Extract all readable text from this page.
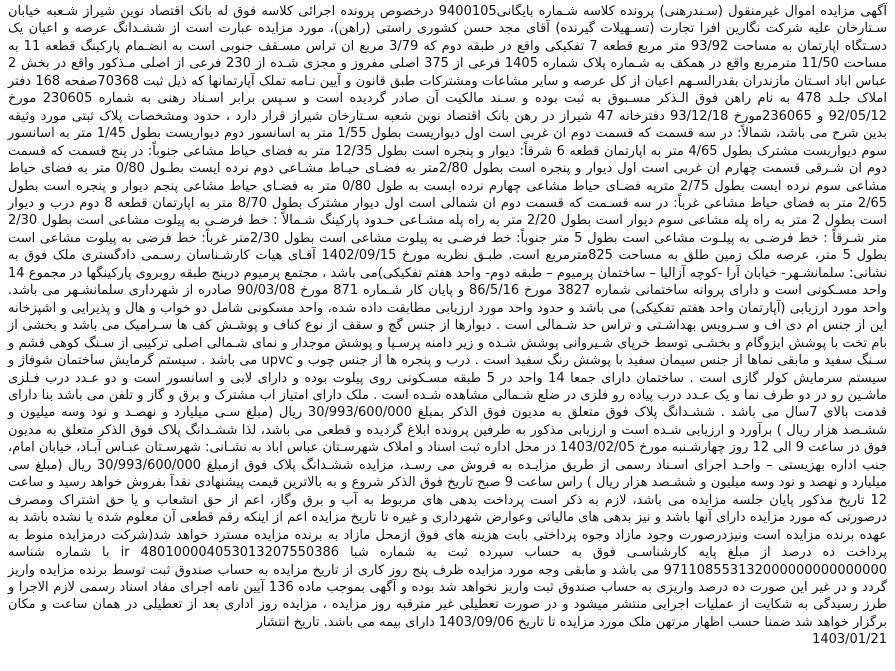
آگهی مزایده اموال غیرمنقول (سـندرهنی) پرونده کلاسه شـماره بایگانی9400105 درخصوص پرونده اجرائی کلاسه فوق له بانک اقتصاد نوین شیراز شـعبه خیابان سـتارخان علیه شرکت نگارین افرا تجارت (تسـهیلات گیرنده) آقای مجد حسن کشوری راستی (راهن)، مورد مزایده عبارت است از ششـدانگ عرصه و اعیان یک دسـتگاه اپارتمان به مساحت 93/92 متر مربع قطعه 7 تفکیکی واقع در طبقه دوم که 3/79 مربع ان تراس مسـقف جنوبی است به انضـمام پارکینگ قطعه 11 به مساحت 11/50 مترمربع واقع در همکف به شـماره پلاک شماره 1405 فرعی از 375 اصلی مفروز و مجزی شـده از 230 فرعی از اصلی مـذکور واقع در بخش 2 عباس اباد اسـتان مازندران بقدرالسـهم اعیان از کل عرصه و سایر مشاعات ومشترکات طبق قانون و آیین نـامه تملک آپارتمانها که ذیل ثبت 70368صفحه 168 دفتر املاک جلـد 478 به نام راهن فوق الـذکر مسـبوق به ثبت بوده و سـند مالکیت آن صادر گردیده است و سـپس برابر اسـناد رهنی به شماره 230605 مورخ 92/05/12 و 236065مورخ 93/12/18 دفترخانه 47 شیراز در رهن بانک اقتصاد نوین شعبه سـتارخان شیراز قرار دارد ، حدود ومشخصات پلاک ثبتی مورد وثیقه بدین شرح می باشد، شمالاً: در سه قسمت که قسمت دوم ان غربی است اول دیواریست بطول 1/55 متر به اسانسور دوم دیواریست بطول 1/45 متر به اسانسور سوم دیواریست مشترک بطول 4/65 متر به اپارتمان قطعه 6 شرقاً: دیوار و پنجره است بطول 12/35 متر به فضای حیاط مشاعی جنوباً: در پنج قسمت که قسمت دوم ان شـرقی قسمت چهارم ان غربی است اول دیوار و پنجره است بطول 2/80متر به فضـای حیـاط مشـاعی دوم نرده ایست بطـول 0/80 متر به فضای حیاط مشاعی سوم نرده ایست بطول 2/75 مترپه فضـای حیاط مشاعی چهارم نرده ایست به طول 0/80 متر به فضـای حیاط مشاعی پنجم دیوار و پنجره است بطول 2/65 متر به فضای حیاط مشاعی غرباً: در سه قسـمت که قسمت دوم ان شمالی است اول دیوار مشترک بطول 8/70 متر به اپارتمان قطعه 8 دوم درب و دیوار است بطول 2 متر به راه پله مشاعی سوم دیوار است بطول 2/20 متر به راه پله مشـاعی حـدود پارکینگ شـمالاً : خط فرضـی به پیلوت مشاعی است بطول 2/30 متر شـرقاً : خط فرضـی به پیلـوت مشاعی است بطول 5 متر جنوباً: خط فرضـی به پیلوت مشاعی است بطول 2/30متر غرباً: خط فرضی به پیلوت مشاعی است بطول 5 متر، عرصه ملک زمین طلق به مساحت 825مترمربع است. طبـق نظریه مورخ 1402/09/15 آقـای هیات کارشـناسان رسـمی دادگستری ملک فوق به نشانی: سلمانشـهر- خیابان آرا -کوچه آزالیا – ساختمان پرمیوم – طبقه دوم- واحد هفتم تفکیکی)می باشد ، مجتمع پرمیوم درپنج طبقه روبروی پارکینگها در مجموع 14 واحد مسـکونی است و دارای پروانه ساختمانی شماره 3827 مورخ 86/5/16 و پایان کار شـماره 871 مورخ 90/03/08 صادره از شهرداری سلمانشـهر می باشد. واحد مورد ارزیابی (آپارتمان واحد هفتم تفکیکی) می باشد و حدود واحد مورد ارزیابی مطابقت داده شده، واحد مسکونی شامل دو خواب و هال و پذیرایی و اشپزخانه این از جنس ام دی اف و سـرویس بهداشـتی و تراس حد شـمالی است . دیوارها از جنس گچ و سقف از نوع کناف و پوشـش کف ها سـرامیک می باشد و بخشی از بام تخت با پوشش ایزوگام و بخشـی توسط خرپای شـیروانی پوشش شـده و زیر دامنه پرسـپا و پوشش موجدار و نمای شـمالی اصلی ترکیبی از سـنگ کوهی قشم و سـنگ سفید و مابقی نماها از جنس سیمان سفید با پوشش رنگ سفید است . درب و پنجره ها از جنس چوب و upvc می باشد . سیستم گرمایش ساختمان شوفاژ و سیستم سرمایش کولر گازی است . ساختمان دارای جمعا 14 واحد در 5 طبقه مسـکونی روی پیلوت بوده و دارای لابی و اسانسور است و دو عـدد درب فـلزی ماشـین رو در دو طرف نما و یک عـدد درب پیاده رو فلزی در ضلع شـمالی مشاهده شـده است . ملک دارای امتیاز اب مشترک و برق و گاز و تلفن می باشد بنا دارای قدمت بالای 7سال می باشد . ششـدانگ پلاک فوق متعلق به مدیون فوق الذکر بمبلغ 30/993/600/000 ریال (مبلغ سـی میلیارد و نهصـد و نود وسه میلیون و ششـصد هزار ریال ) برآورد و ارزیابی شـده است و ارزیابی مذکور به طرفین پرونده ابلاغ گردیده و قطعی می باشد، لذا ششـدانگ پلاک فوق الذکر متعلق به مدیون فوق در ساعت 9 الی 12 روز چهارشـنبه مورخ 1403/02/05 در محل اداره ثبت اسناد و املاک شهرسـتان عباس اباد به نشـانی: شهرسـتان عبـاس آبـاد، خیابان امام، جنب اداره بهزیستی – واحـد اجرای اسـناد رسمی از طریق مزایـده به فروش می رسـد، مزایده ششـدانگ پلاک فوق ازمبلغ 30/993/600/000 ریال (مبلغ سی میلیارد و نهصد و نود وسه میلیون و ششـصد هزار ریال ) راس ساعت 9 صبح تاریخ فوق الذکر شروع و به بالاترین قیمت پیشنهادی نقدآ بفروش خواهد رسید و ساعت 12 تاریخ مذکور پایان جلسه مزایده می باشد، لازم به ذکر است پرداخت بدهی های مربوط به آب و برق وگاز، اعم از حق انشعاب و یا حق اشتراک ومصرف درصورتی که مورد مزایده دارای آنها باشد و نیز بدهی های مالیاتی وعوارض شهرداری و غیره تا تاریخ مزایده اعم از اینکه رقم قطعی آن معلوم شده یا نشده باشد به عهده برنده مزایده است ونیزدرصورت وجود مازاد وجوه پرداختی بابت هزینه های فوق ازمحل مازاد به برنده مزایده مسترد خواهد شد(شرکت درمزایده منوط به پرداخت ده درصد از مبلغ پایه کارشناسـی فوق به حساب سپرده ثبت به شماره شبا 480100004053013207550386 ir با شماره شناسه 971108553132000000000000000 می باشد و مابقی وجه مورد مزایده ظرف پنج روز کاری از تاریخ مزایده به حساب صندوق ثبت توسط برنده مزایده واریز گردد و در غیر این صورت ده درصد واریزی به حساب صندوق ثبت واریز نخواهد شد بوده و آگهی بموجب ماده 136 آیین نامه اجرای مفاد اسناد رسمی لازم الاجرا و طرز رسیدگی به شکایت از عملیات اجرایی منتشر میشود و در صورت تعطیلی غیر مترقبه روز مزایده ، مزایده روز اداری بعد از تعطیلی در همان ساعت و مکان برگزار خواهد شد ضمنا حسب اظهار مرتهن ملک مورد مزایده تا تاریخ 1403/09/06 دارای بیمه می باشد. تاریخ انتشار

1403/01/21
